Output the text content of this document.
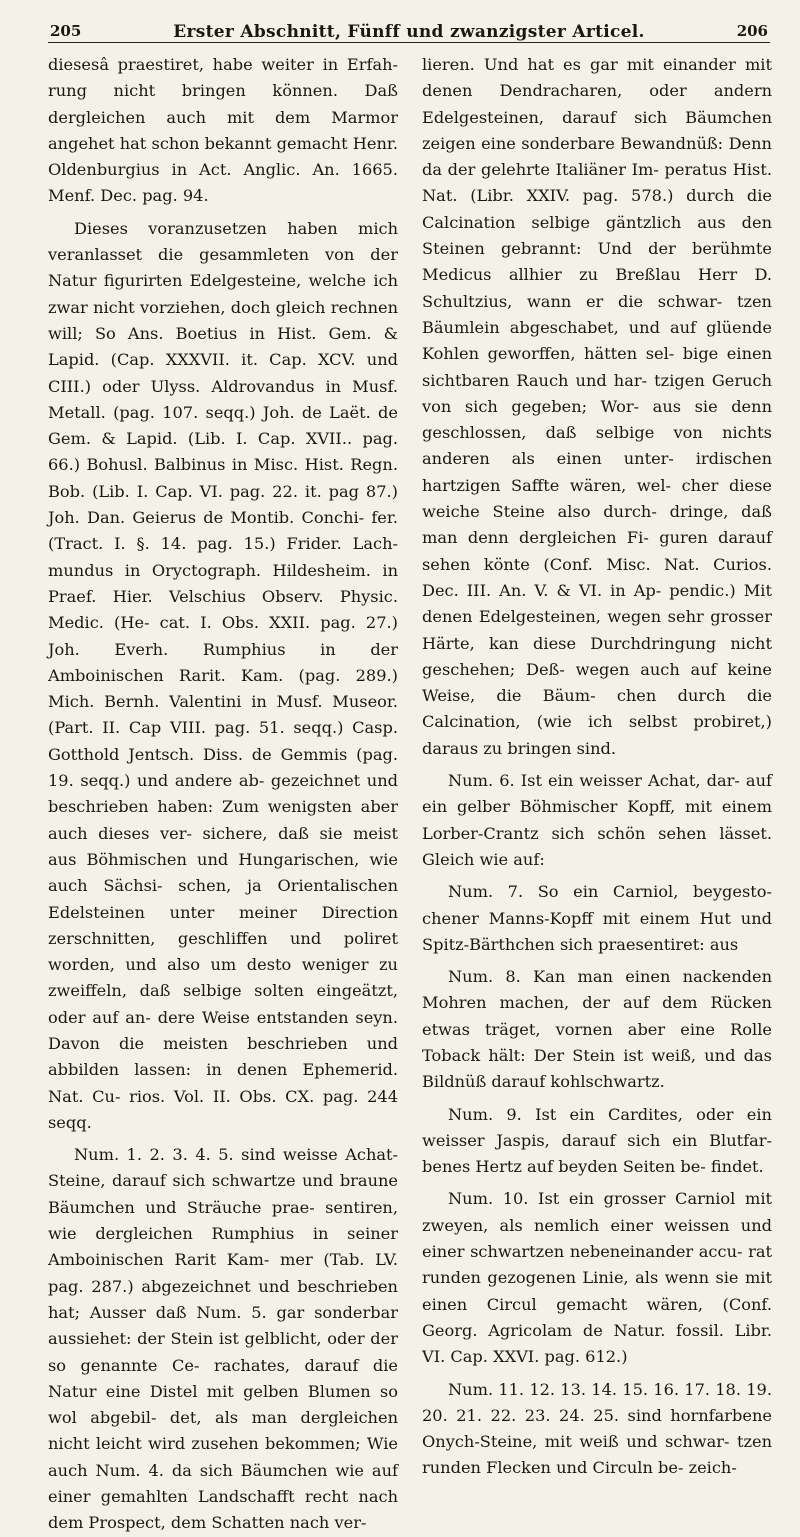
205	Erster Abschnitt, Fünff und zwanzigster Articel.	206

diesesâ praestiret, habe weiter in Erfah- rung nicht bringen können. Daß dergleichen auch mit dem Marmor angehet hat schon bekannt gemacht Henr. Oldenburgius in Act. Anglic. An. 1665. Menf. Dec. pag. 94.

Dieses voranzusetzen haben mich veranlasset die gesammleten von der Natur figurirten Edelgesteine, welche ich zwar nicht vorziehen, doch gleich rechnen will; So Ans. Boetius in Hist. Gem. & Lapid. (Cap. XXXVII. it. Cap. XCV. und CIII.) oder Ulyss. Aldrovandus in Musf. Metall. (pag. 107. seqq.) Joh. de Laët. de Gem. & Lapid. (Lib. I. Cap. XVII.. pag. 66.) Bohusl. Balbinus in Misc. Hist. Regn. Bob. (Lib. I. Cap. VI. pag. 22. it. pag 87.) Joh. Dan. Geierus de Montib. Conchi- fer. (Tract. I. §. 14. pag. 15.) Frider. Lach- mundus in Oryctograph. Hildesheim. in Praef. Hier. Velschius Observ. Physic. Medic. (He- cat. I. Obs. XXII. pag. 27.) Joh. Everh. Rumphius in der Amboinischen Rarit. Kam. (pag. 289.) Mich. Bernh. Valentini in Musf. Museor. (Part. II. Cap VIII. pag. 51. seqq.) Casp. Gotthold Jentsch. Diss. de Gemmis (pag. 19. seqq.) und andere ab- gezeichnet und beschrieben haben: Zum wenigsten aber auch dieses ver- sichere, daß sie meist aus Böhmischen und Hungarischen, wie auch Sächsi- schen, ja Orientalischen Edelsteinen unter meiner Direction zerschnitten, geschliffen und poliret worden, und also um desto weniger zu zweiffeln, daß selbige solten eingeätzt, oder auf an- dere Weise entstanden seyn. Davon die meisten beschrieben und abbilden lassen: in denen Ephemerid. Nat. Cu- rios. Vol. II. Obs. CX. pag. 244 seqq.

Num. 1. 2. 3. 4. 5. sind weisse Achat- Steine, darauf sich schwartze und braune Bäumchen und Sträuche prae- sentiren, wie dergleichen Rumphius in seiner Amboinischen Rarit Kam- mer (Tab. LV. pag. 287.) abgezeichnet und beschrieben hat; Ausser daß Num. 5. gar sonderbar aussiehet: der Stein ist gelblicht, oder der so genannte Ce- rachates, darauf die Natur eine Distel mit gelben Blumen so wol abgebil- det, als man dergleichen nicht leicht wird zusehen bekommen; Wie auch Num. 4. da sich Bäumchen wie auf einer gemahlten Landschafft recht nach dem Prospect, dem Schatten nach ver-

lieren. Und hat es gar mit einander mit denen Dendracharen, oder andern Edelgesteinen, darauf sich Bäumchen zeigen eine sonderbare Bewandnüß: Denn da der gelehrte Italiäner Im- peratus Hist. Nat. (Libr. XXIV. pag. 578.) durch die Calcination selbige gäntzlich aus den Steinen gebrannt: Und der berühmte Medicus allhier zu Breßlau Herr D. Schultzius, wann er die schwar- tzen Bäumlein abgeschabet, und auf glüende Kohlen geworffen, hätten sel- bige einen sichtbaren Rauch und har- tzigen Geruch von sich gegeben; Wor- aus sie denn geschlossen, daß selbige von nichts anderen als einen unter- irdischen hartzigen Saffte wären, wel- cher diese weiche Steine also durch- dringe, daß man denn dergleichen Fi- guren darauf sehen könte (Conf. Misc. Nat. Curios. Dec. III. An. V. & VI. in Ap- pendic.) Mit denen Edelgesteinen, wegen sehr grosser Härte, kan diese Durchdringung nicht geschehen; Deß- wegen auch auf keine Weise, die Bäum- chen durch die Calcination, (wie ich selbst probiret,) daraus zu bringen sind.

Num. 6. Ist ein weisser Achat, dar- auf ein gelber Böhmischer Kopff, mit einem Lorber-Crantz sich schön sehen lässet. Gleich wie auf:

Num. 7. So ein Carniol, beygesto- chener Manns-Kopff mit einem Hut und Spitz-Bärthchen sich praesentiret: aus

Num. 8. Kan man einen nackenden Mohren machen, der auf dem Rücken etwas träget, vornen aber eine Rolle Toback hält: Der Stein ist weiß, und das Bildnüß darauf kohlschwartz.

Num. 9. Ist ein Cardites, oder ein weisser Jaspis, darauf sich ein Blutfar- benes Hertz auf beyden Seiten be- findet.

Num. 10. Ist ein grosser Carniol mit zweyen, als nemlich einer weissen und einer schwartzen nebeneinander accu- rat runden gezogenen Linie, als wenn sie mit einen Circul gemacht wären, (Conf. Georg. Agricolam de Natur. fossil. Libr. VI. Cap. XXVI. pag. 612.)

Num. 11. 12. 13. 14. 15. 16. 17. 18. 19. 20. 21. 22. 23. 24. 25. sind hornfarbene Onych-Steine, mit weiß und schwar- tzen runden Flecken und Circuln be- zeich-
